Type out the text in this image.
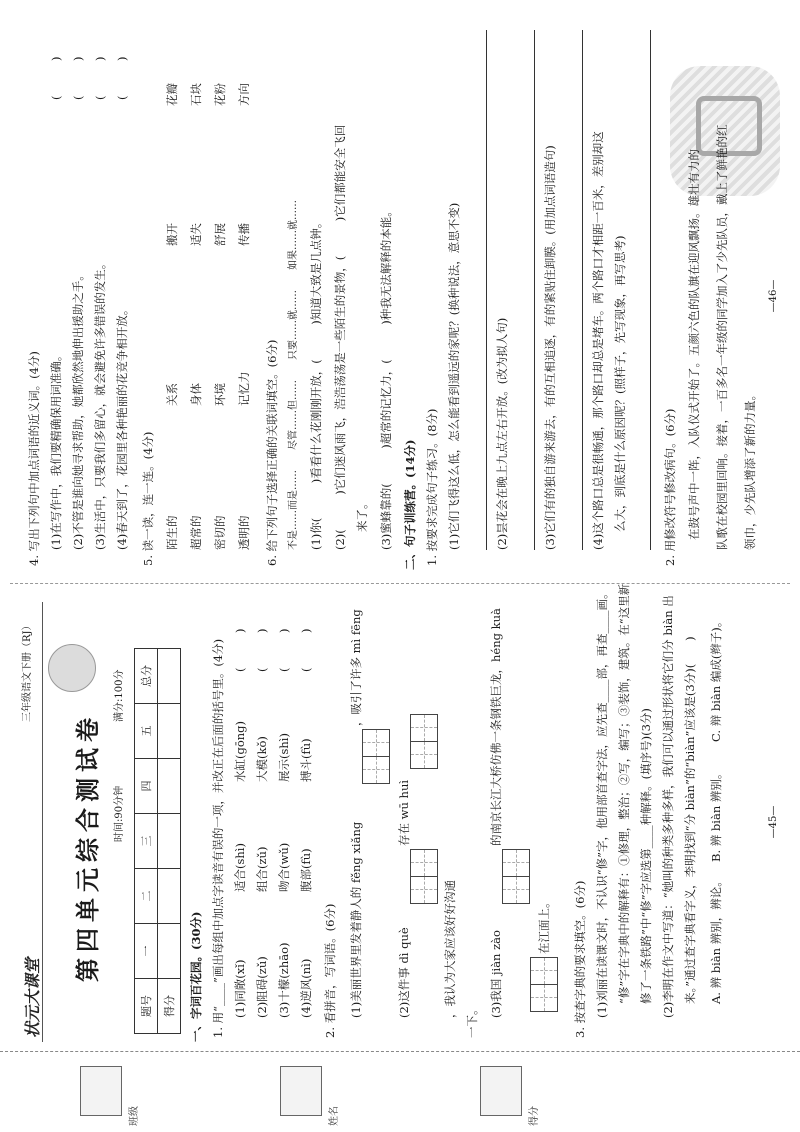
班级	姓名	得分
状元大课堂
三年级语文下册（RJ）
第四单元综合测试卷	时间:90分钟
满分:100分
题号	一	二	三	四	五	总分
得分						一、字词百花园。(30分) 1. 用“____”画出每组中加点字读音有误的一项，并改正在后面的括号里。(4分) (1)同敞(xǐ)
适合(shì)
水缸(gōng)
(　　　)
(2)阻碍(zǔ)
组合(zǔ)
大模(kǒ)
(　　　)
(3)十檬(zhāo)
吻合(wǔ)
展示(shì)
(　　　)
(4)逆风(nì)
腹部(fù)
搏斗(fù)
(　　　)
2. 看拼音，写词语。(6分) (1)美丽世界里发着静人的 fěng xiǎng
，吸引了许多 mì fēng
(2)这件事 dì què
存在 wū huì
，我认为大家应该好好沟通
一下。
(3)我国 jiàn zào
的南京长江大桥仿佛一条钢铁巨龙，héng kuà
在江面上。 3. 按查字典的要求填空。(6分) (1)刘丽在读课文时，不认识“修”字，他用部首查字法，应先查____部，再查____画。 “修”字在字典中的解释有：①修理，整治；②写，编写；③装饰，建筑。在“这里新 修了一条铁路”中“修”字应选第____种解释。(填序号)(3分) (2)李明在作文中写道：“她叫的种类多种多样，我们可以通过形状将它们分 biàn 出 来。”通过查字典看字义，李明找到“分 biàn”的“biàn”应该是(3分)(　　) A. 辨 biàn 辨别，辨论。
B. 辨 biàn 辨别。
C. 辩 biàn 编成(辫子)。
—45—
4. 写出下列句中加点词语的近义词。(4分) (1)在写作中，我们要精确保用词准确。
(　　　)
(2)不管是谁向她寻求帮助，她都欣然地伸出援助之手。
(　　　)
(3)生活中，只要我们多留心，就会避免许多错误的发生。
(　　　)
(4)春天到了，花园里各种艳丽的花竞争相开放。
(　　　)
5. 读一读，连一连。(4分) 陌生的 超常的 密切的 透明的
关系 身体 环境 记忆力
搬开 适失 舒展 传播
花瓣 石块 花粉 方向
6. 给下列句子选择正确的关联词填空。(6分) 不是……而是……　　尽管……但……　　只要……就……　　如果……就…… (1)你(　　　)看看什么花刚刚开放，(　　　)知道大致是几点钟。 (2)(　　　)它们迷风雨飞，浩浩荡荡是一些陌生的景物，(　　　)它们都能安全飞回 来了。 (3)蜜蜂靠的(　　　)超常的记忆力，(　　　)种我无法解释的本能。 二、句子训练营。(14分) 1. 按要求完成句子练习。(8分) (1)它们飞得这么低，怎么能看到遥远的家呢？(换种说法，意思不变)	(2)昙花会在晚上九点左右开放。(改为拟人句)	(3)它们有的独自游来游去，有的互相追逐，有的紧贴住卸膜。(用加点词语造句)	(4)这个路口总是很畅通，那个路口却总是堵车。两个路口才相距一百米，差别却这 么大，到底是什么原因呢？(照样子，先写现象，再写思考)	2. 用修改符号修改病句。(6分) 在鼓号声中一阵，入队仪式开始了。五颜六色的队旗在迎风飘扬。雄壮有力的 队歌在校园里回响。接着，一百多名一年级的同学加入了少先队员，戴上了鲜艳的红 领巾，少先队增添了新的力量。
—46—
